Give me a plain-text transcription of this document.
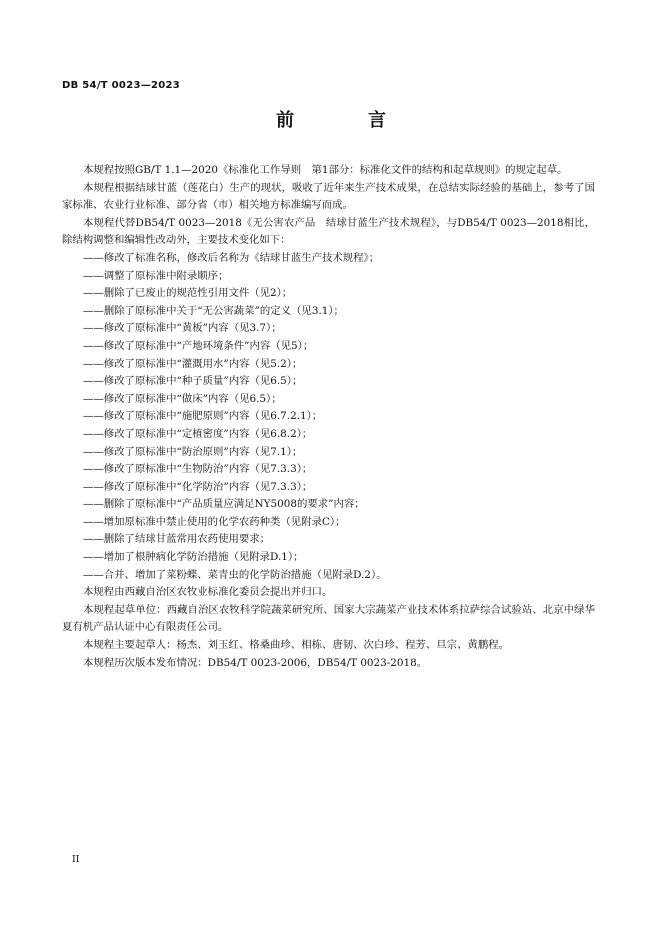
DB 54/T 0023—2023
前　言

本规程按照GB/T 1.1—2020《标准化工作导则　第1部分：标准化文件的结构和起草规则》的规定起草。

本规程根据结球甘蓝（莲花白）生产的现状，吸收了近年来生产技术成果，在总结实际经验的基础上，参考了国家标准、农业行业标准、部分省（市）相关地方标准编写而成。

本规程代替DB54/T 0023—2018《无公害农产品　结球甘蓝生产技术规程》，与DB54/T 0023—2018相比，除结构调整和编辑性改动外，主要技术变化如下：

——修改了标准名称，修改后名称为《结球甘蓝生产技术规程》；

——调整了原标准中附录顺序；

——删除了已废止的规范性引用文件（见2）；

——删除了原标准中关于“无公害蔬菜”的定义（见3.1）；

——修改了原标准中“黄板”内容（见3.7）；

——修改了原标准中“产地环境条件”内容（见5）；

——修改了原标准中“灌溉用水”内容（见5.2）；

——修改了原标准中“种子质量”内容（见6.5）；

——修改了原标准中“做床”内容（见6.5）；

——修改了原标准中“施肥原则”内容（见6.7.2.1）；

——修改了原标准中“定植密度”内容（见6.8.2）；

——修改了原标准中“防治原则”内容（见7.1）；

——修改了原标准中“生物防治”内容（见7.3.3）；

——修改了原标准中“化学防治”内容（见7.3.3）；

——删除了原标准中“产品质量应满足NY5008的要求”内容；

——增加原标准中禁止使用的化学农药种类（见附录C）；

——删除了结球甘蓝常用农药使用要求；

——增加了根肿病化学防治措施（见附录D.1）；

——合并、增加了菜粉蝶、菜青虫的化学防治措施（见附录D.2）。

本规程由西藏自治区农牧业标准化委员会提出并归口。

本规程起草单位：西藏自治区农牧科学院蔬菜研究所、国家大宗蔬菜产业技术体系拉萨综合试验站、北京中绿华夏有机产品认证中心有限责任公司。

本规程主要起草人：杨杰、刘玉红、格桑曲珍、相栋、唐韧、次白珍、程芳、旦宗、黄鹏程。

本规程历次版本发布情况：DB54/T 0023-2006，DB54/T 0023-2018。

II
